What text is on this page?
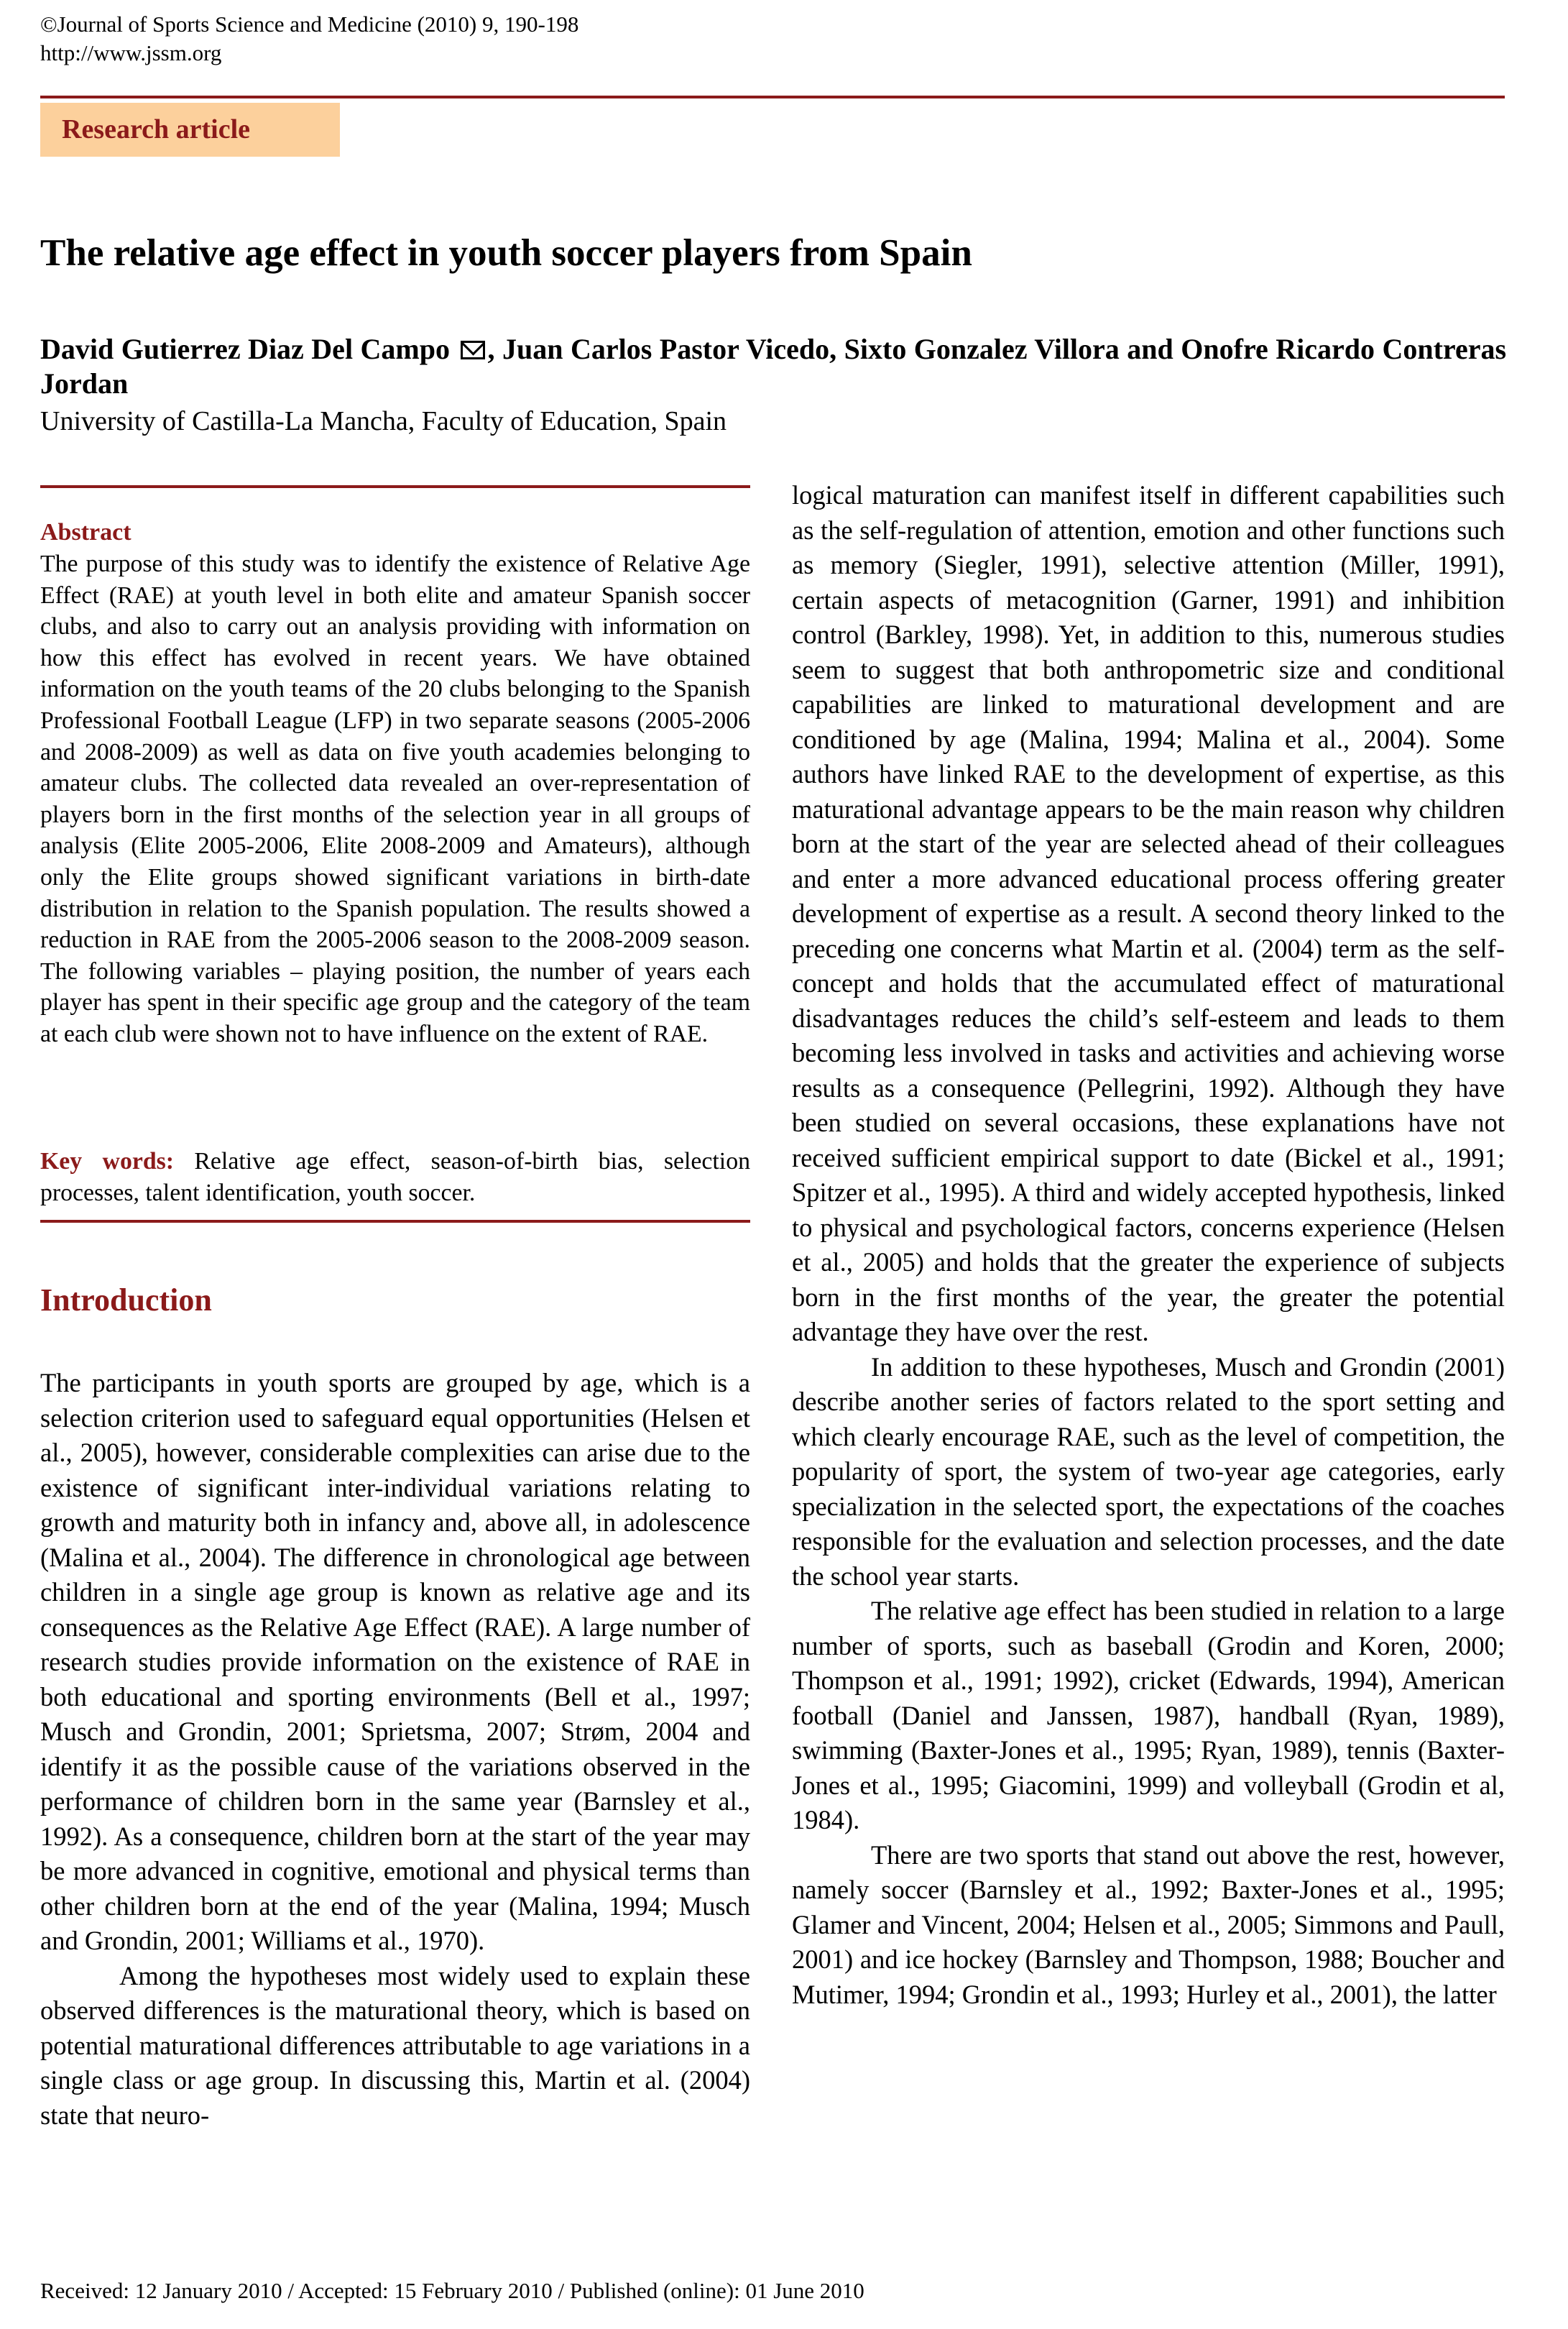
©Journal of Sports Science and Medicine (2010) 9, 190-198
http://www.jssm.org
Research article
The relative age effect in youth soccer players from Spain
David Gutierrez Diaz Del Campo , Juan Carlos Pastor Vicedo, Sixto Gonzalez Villora and Onofre Ricardo Contreras Jordan
University of Castilla-La Mancha, Faculty of Education, Spain
Abstract

The purpose of this study was to identify the existence of Relative Age Effect (RAE) at youth level in both elite and amateur Spanish soccer clubs, and also to carry out an analysis providing with information on how this effect has evolved in recent years. We have obtained information on the youth teams of the 20 clubs belonging to the Spanish Professional Football League (LFP) in two separate seasons (2005-2006 and 2008-2009) as well as data on five youth academies belonging to amateur clubs. The collected data revealed an over-representation of players born in the first months of the selection year in all groups of analysis (Elite 2005-2006, Elite 2008-2009 and Amateurs), although only the Elite groups showed significant variations in birth-date distribution in relation to the Spanish population. The results showed a reduction in RAE from the 2005-2006 season to the 2008-2009 season. The following variables – playing position, the number of years each player has spent in their specific age group and the category of the team at each club were shown not to have influence on the extent of RAE.

Key words: Relative age effect, season-of-birth bias, selection processes, talent identification, youth soccer.
Introduction

The participants in youth sports are grouped by age, which is a selection criterion used to safeguard equal opportunities (Helsen et al., 2005), however, considerable complexities can arise due to the existence of significant inter-individual variations relating to growth and maturity both in infancy and, above all, in adolescence (Malina et al., 2004). The difference in chronological age between children in a single age group is known as relative age and its consequences as the Relative Age Effect (RAE). A large number of research studies provide information on the existence of RAE in both educational and sporting environments (Bell et al., 1997; Musch and Grondin, 2001; Sprietsma, 2007; Strøm, 2004 and identify it as the possible cause of the variations observed in the performance of children born in the same year (Barnsley et al., 1992). As a consequence, children born at the start of the year may be more advanced in cognitive, emotional and physical terms than other children born at the end of the year (Malina, 1994; Musch and Grondin, 2001; Williams et al., 1970).

Among the hypotheses most widely used to explain these observed differences is the maturational theory, which is based on potential maturational differences attributable to age variations in a single class or age group. In discussing this, Martin et al. (2004) state that neuro-

logical maturation can manifest itself in different capabilities such as the self-regulation of attention, emotion and other functions such as memory (Siegler, 1991), selective attention (Miller, 1991), certain aspects of metacognition (Garner, 1991) and inhibition control (Barkley, 1998). Yet, in addition to this, numerous studies seem to suggest that both anthropometric size and conditional capabilities are linked to maturational development and are conditioned by age (Malina, 1994; Malina et al., 2004). Some authors have linked RAE to the development of expertise, as this maturational advantage appears to be the main reason why children born at the start of the year are selected ahead of their colleagues and enter a more advanced educational process offering greater development of expertise as a result. A second theory linked to the preceding one concerns what Martin et al. (2004) term as the self-concept and holds that the accumulated effect of maturational disadvantages reduces the child’s self-esteem and leads to them becoming less involved in tasks and activities and achieving worse results as a consequence (Pellegrini, 1992). Although they have been studied on several occasions, these explanations have not received sufficient empirical support to date (Bickel et al., 1991; Spitzer et al., 1995). A third and widely accepted hypothesis, linked to physical and psychological factors, concerns experience (Helsen et al., 2005) and holds that the greater the experience of subjects born in the first months of the year, the greater the potential advantage they have over the rest.

In addition to these hypotheses, Musch and Grondin (2001) describe another series of factors related to the sport setting and which clearly encourage RAE, such as the level of competition, the popularity of sport, the system of two-year age categories, early specialization in the selected sport, the expectations of the coaches responsible for the evaluation and selection processes, and the date the school year starts.

The relative age effect has been studied in relation to a large number of sports, such as baseball (Grodin and Koren, 2000; Thompson et al., 1991; 1992), cricket (Edwards, 1994), American football (Daniel and Janssen, 1987), handball (Ryan, 1989), swimming (Baxter-Jones et al., 1995; Ryan, 1989), tennis (Baxter-Jones et al., 1995; Giacomini, 1999) and volleyball (Grodin et al, 1984).

There are two sports that stand out above the rest, however, namely soccer (Barnsley et al., 1992; Baxter-Jones et al., 1995; Glamer and Vincent, 2004; Helsen et al., 2005; Simmons and Paull, 2001) and ice hockey (Barnsley and Thompson, 1988; Boucher and Mutimer, 1994; Grondin et al., 1993; Hurley et al., 2001), the latter

Received: 12 January 2010 / Accepted: 15 February 2010 / Published (online): 01 June 2010
